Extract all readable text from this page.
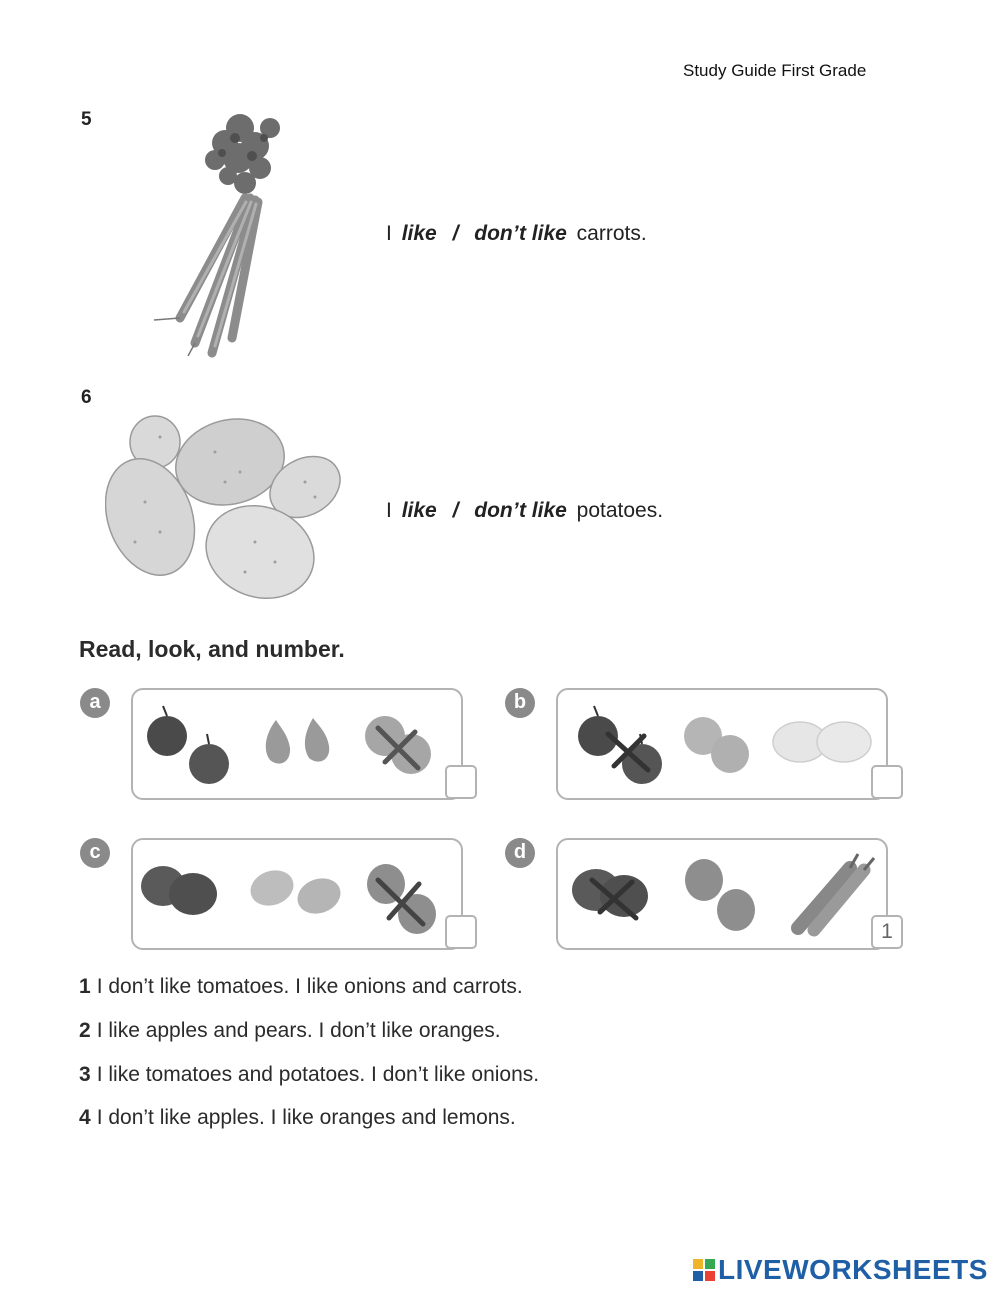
Study Guide First Grade
5
I like / don’t like carrots.
6
I like / don’t like potatoes.
Read, look, and number.
a	b
c	d
1
1 I don’t like tomatoes. I like onions and carrots.
2 I like apples and pears. I don’t like oranges.
3 I like tomatoes and potatoes. I don’t like onions.
4 I don’t like apples. I like oranges and lemons.
LIVEWORKSHEETS
